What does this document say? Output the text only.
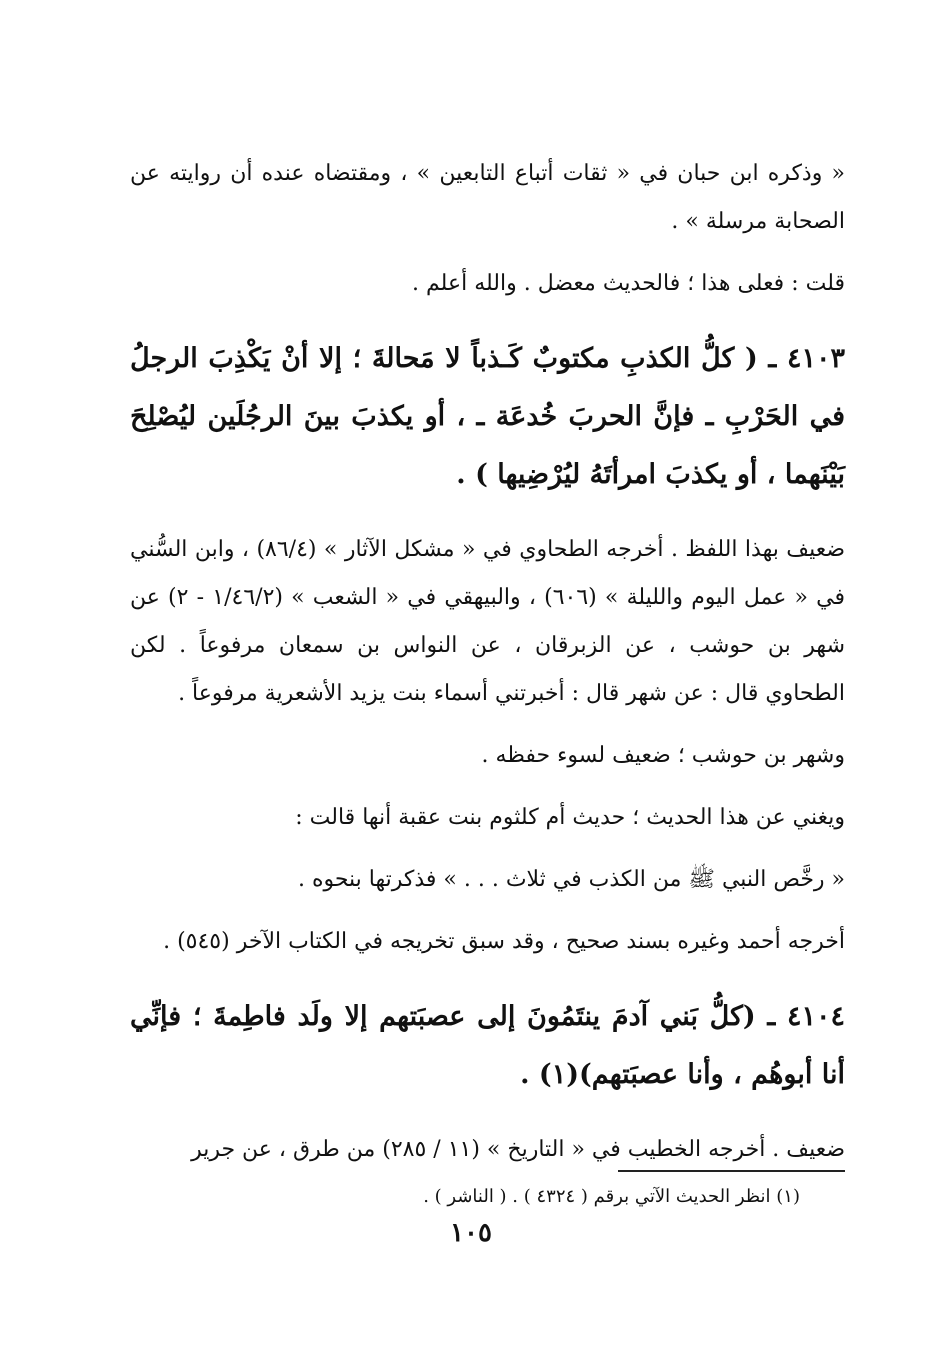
« وذكره ابن حبان في « ثقات أتباع التابعين » ، ومقتضاه عنده أن روايته عن الصحابة مرسلة » .

قلت : فعلى هذا ؛ فالحديث معضل . والله أعلم .

٤١٠٣ ـ ( كلُّ الكذبِ مكتوبٌ كَـذباً لا مَحالةَ ؛ إلا أنْ يَكْذِبَ الرجلُ في الحَرْبِ ـ فإنَّ الحربَ خُدعَة ـ ، أو يكذبَ بينَ الرجُلَين ليُصْلِحَ بَيْنَهما ، أو يكذبَ امرأتَهُ ليُرْضِيها ) .

ضعيف بهذا اللفظ . أخرجه الطحاوي في « مشكل الآثار » (٨٦/٤) ، وابن السُّني في « عمل اليوم والليلة » (٦٠٦) ، والبيهقي في « الشعب » (١/٤٦/٢ - ٢) عن شهر بن حوشب ، عن الزبرقان ، عن النواس بن سمعان مرفوعاً . لكن الطحاوي قال : عن شهر قال : أخبرتني أسماء بنت يزيد الأشعرية مرفوعاً .

وشهر بن حوشب ؛ ضعيف لسوء حفظه .

ويغني عن هذا الحديث ؛ حديث أم كلثوم بنت عقبة أنها قالت :

« رخَّص النبي ﷺ من الكذب في ثلاث . . . » فذكرتها بنحوه .

أخرجه أحمد وغيره بسند صحيح ، وقد سبق تخريجه في الكتاب الآخر (٥٤٥) .

٤١٠٤ ـ (كلُّ بَني آدمَ ينتَمُونَ إلى عصبَتهم إلا ولَد فاطِمةَ ؛ فإنِّي أنا أبوهُم ، وأنا عصبَتهم)(١) .

ضعيف . أخرجه الخطيب في « التاريخ » (١١ / ٢٨٥) من طرق ، عن جرير

(١) انظر الحديث الآتي برقم ( ٤٣٢٤ ) . ( الناشر ) .
١٠٥
